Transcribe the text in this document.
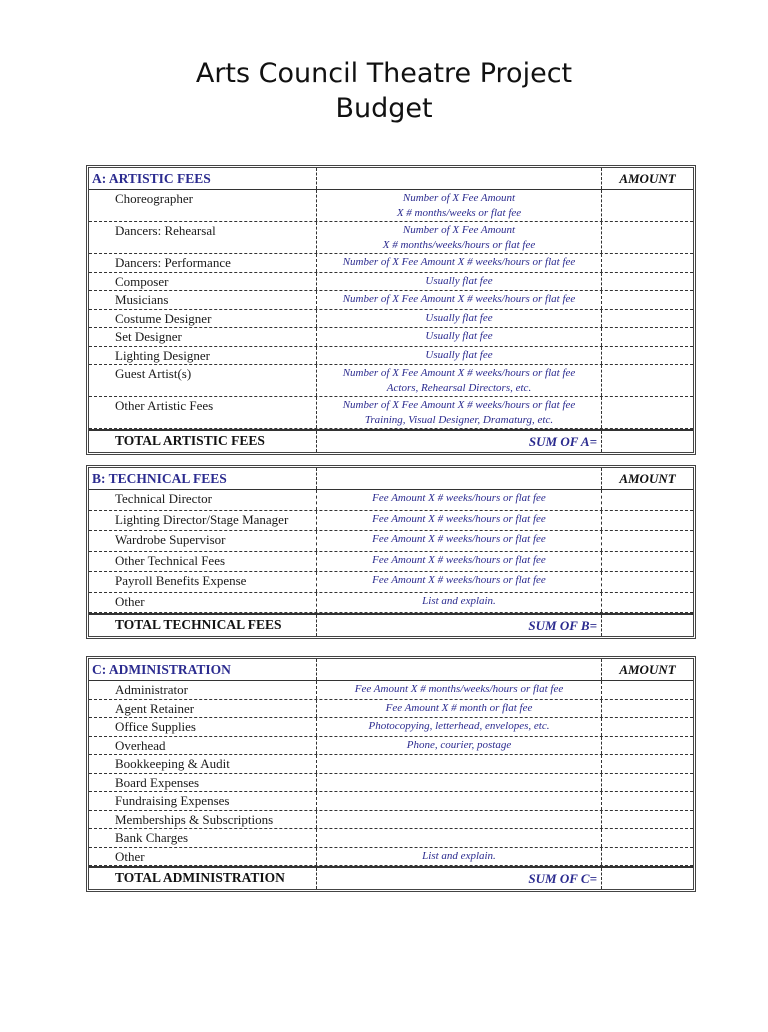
Arts Council Theatre Project
Budget
A: ARTISTIC FEES	AMOUNT
Choreographer	Number of X Fee Amount
X # months/weeks or flat fee
Dancers: Rehearsal	Number of X Fee Amount
X # months/weeks/hours or flat fee
Dancers: Performance	Number of X Fee Amount X # weeks/hours or flat fee
Composer	Usually flat fee
Musicians	Number of X Fee Amount X # weeks/hours or flat fee
Costume Designer	Usually flat fee
Set Designer	Usually flat fee
Lighting Designer	Usually flat fee
Guest Artist(s)	Number of X Fee Amount X # weeks/hours or flat fee
Actors, Rehearsal Directors, etc.
Other Artistic Fees	Number of X Fee Amount X # weeks/hours or flat fee
Training, Visual Designer, Dramaturg, etc.
TOTAL ARTISTIC FEES	SUM OF A=
B: TECHNICAL FEES	AMOUNT
Technical Director	Fee Amount X # weeks/hours or flat fee
Lighting Director/Stage Manager	Fee Amount X # weeks/hours or flat fee
Wardrobe Supervisor	Fee Amount X # weeks/hours or flat fee
Other Technical Fees	Fee Amount X # weeks/hours or flat fee
Payroll Benefits Expense	Fee Amount X # weeks/hours or flat fee
Other	List and explain.
TOTAL TECHNICAL FEES	SUM OF B=
C: ADMINISTRATION	AMOUNT
Administrator	Fee Amount X # months/weeks/hours or flat fee
Agent Retainer	Fee Amount X # month or flat fee
Office Supplies	Photocopying, letterhead, envelopes, etc.
Overhead	Phone, courier, postage
Bookkeeping & Audit
Board Expenses
Fundraising Expenses
Memberships & Subscriptions
Bank Charges
Other	List and explain.
TOTAL ADMINISTRATION	SUM OF C=
